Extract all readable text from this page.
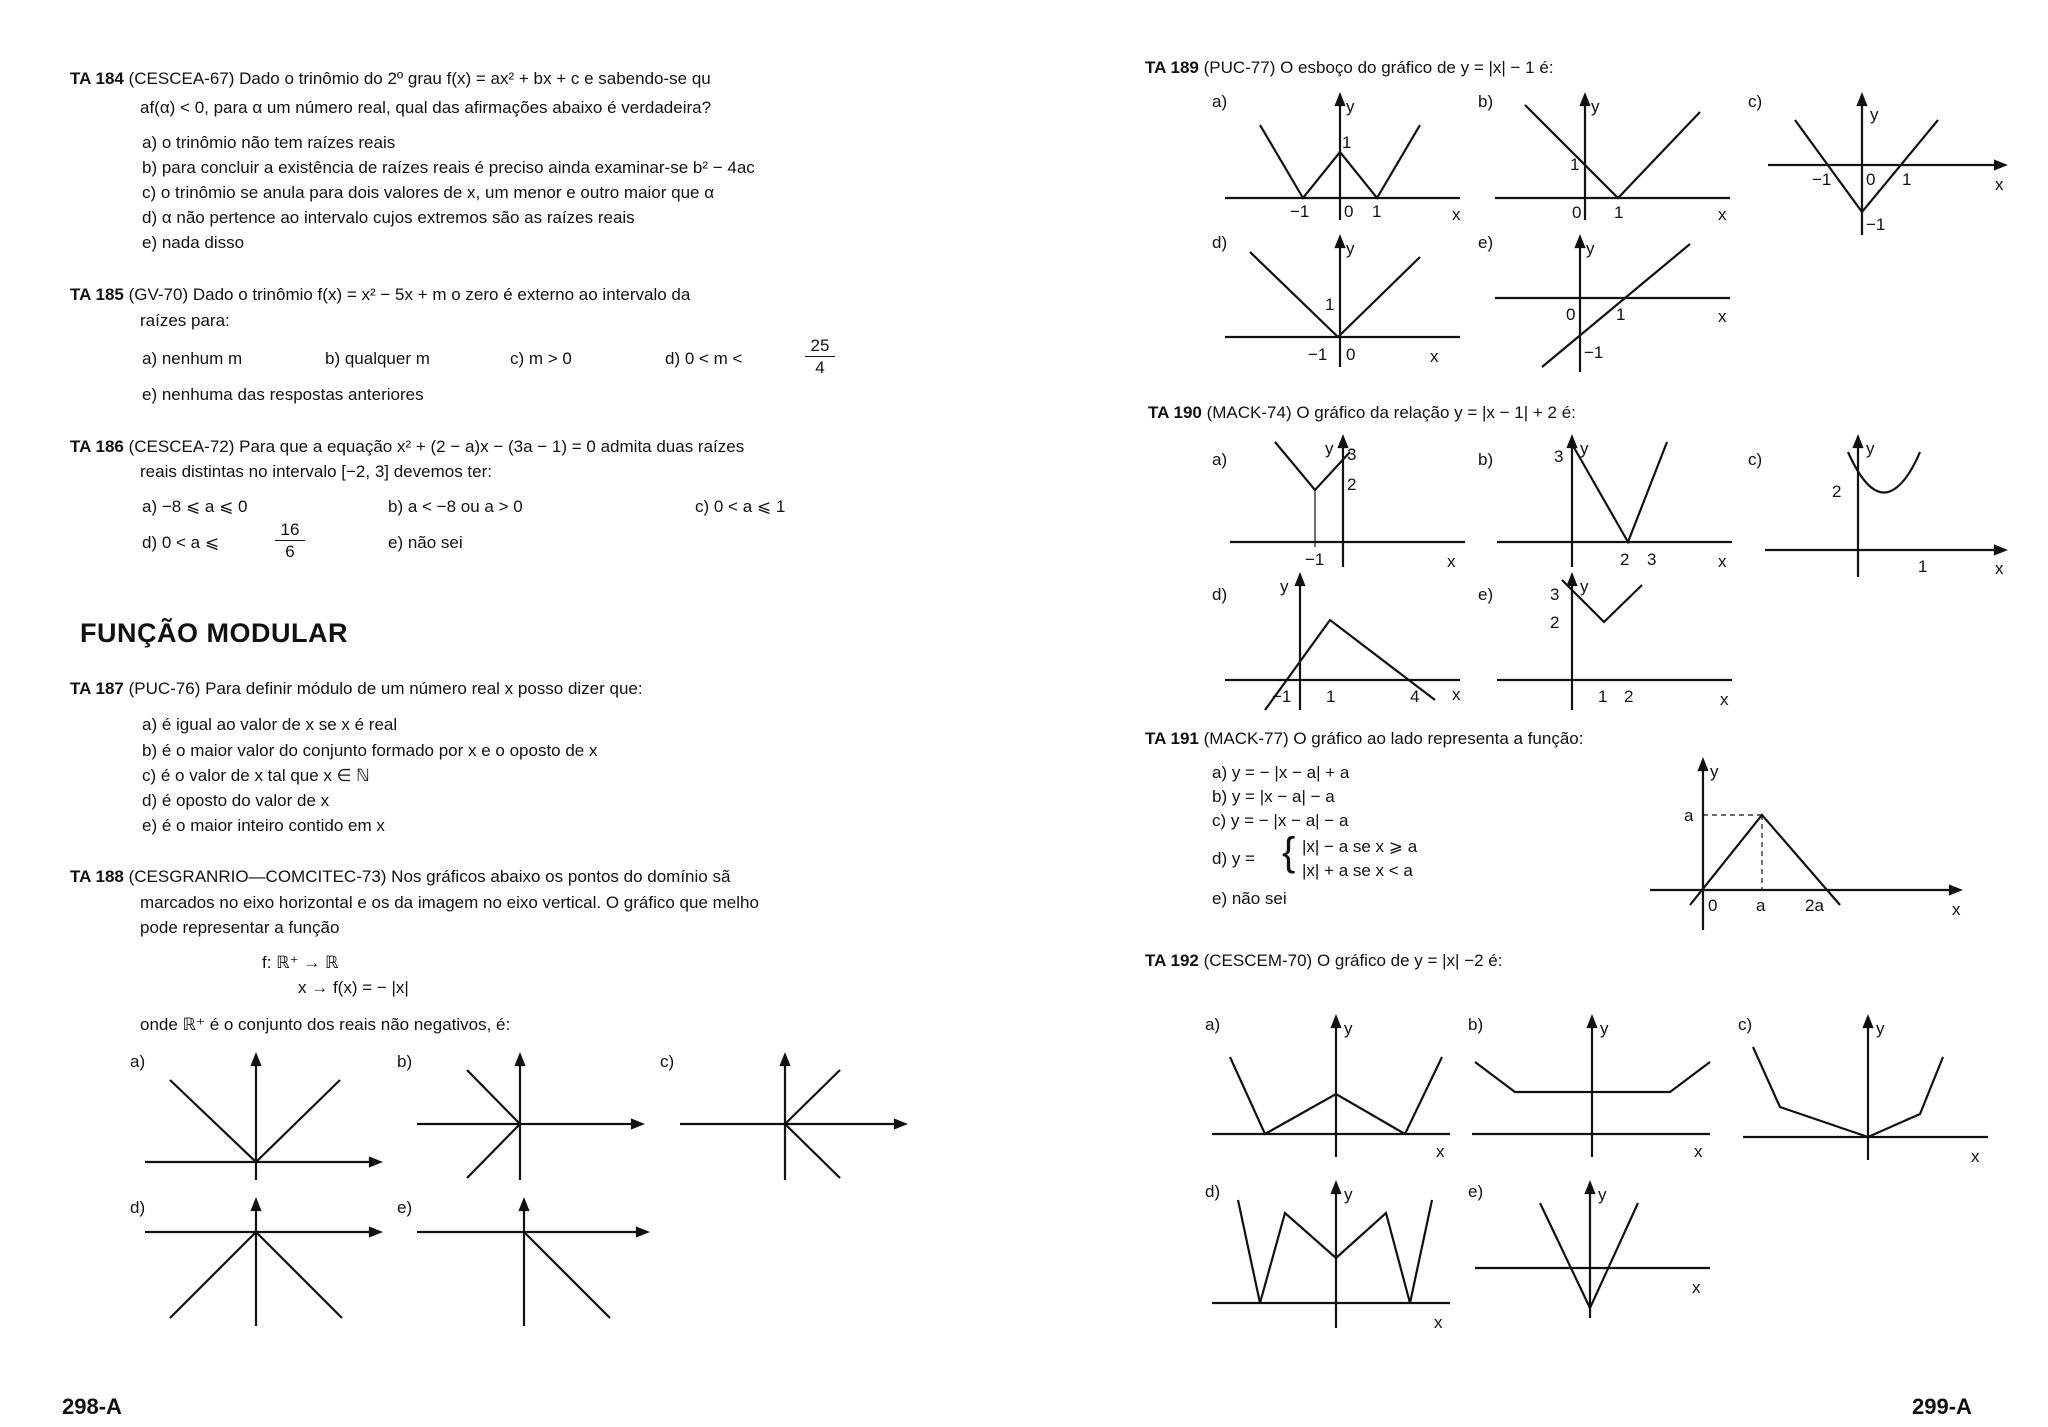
TA 184 (CESCEA-67) Dado o trinômio do 2º grau f(x) = ax² + bx + c e sabendo-se qu
af(α) < 0, para α um número real, qual das afirmações abaixo é verdadeira?
a) o trinômio não tem raízes reais
b) para concluir a existência de raízes reais é preciso ainda examinar-se b² − 4ac
c) o trinômio se anula para dois valores de x, um menor e outro maior que α
d) α não pertence ao intervalo cujos extremos são as raízes reais
e) nada disso
TA 185 (GV-70) Dado o trinômio f(x) = x² − 5x + m o zero é externo ao intervalo da
raízes para:
a) nenhum m	b) qualquer m	c) m > 0	d) 0 < m <
25
4
e) nenhuma das respostas anteriores
TA 186 (CESCEA-72) Para que a equação x² + (2 − a)x − (3a − 1) = 0 admita duas raízes
reais distintas no intervalo [−2, 3] devemos ter:
a) −8 ⩽ a ⩽ 0	b) a < −8 ou a > 0	c) 0 < a ⩽ 1
d) 0 < a ⩽
16
6	e) não sei
FUNÇÃO MODULAR
TA 187 (PUC-76) Para definir módulo de um número real x posso dizer que:
a) é igual ao valor de x se x é real
b) é o maior valor do conjunto formado por x e o oposto de x
c) é o valor de x tal que x ∈ ℕ
d) é oposto do valor de x
e) é o maior inteiro contido em x
TA 188 (CESGRANRIO—COMCITEC-73) Nos gráficos abaixo os pontos do domínio sã
marcados no eixo horizontal e os da imagem no eixo vertical. O gráfico que melho
pode representar a função
f: ℝ⁺ → ℝ
x → f(x) = − |x|
onde ℝ⁺ é o conjunto dos reais não negativos, é:
a)	b)	c)
d)	e)
298-A
TA 189 (PUC-77) O esboço do gráfico de y = |x| − 1 é:
a)
1
−1 0 1	x
y	b)
1
0 1	x
y	c)
−1 0 1
−1
x
y
d)
1
−1 0	x
y	e)
0 1
−1
x
y
TA 190 (MACK-74) O gráfico da relação y = |x − 1| + 2 é:
a)	3
2
−1	x
y
b)	3
2 3	x
y
c)
2
1	x
y
d)
−1 1	4 x
y	e)	3
2
1 2	x
y
TA 191 (MACK-77) O gráfico ao lado representa a função:
a) y = − |x − a| + a
b) y = |x − a| − a
c) y = − |x − a| − a
d) y = { |x| − a se x ⩾ a
|x| + a se x < a
e) não sei
a
0 a 2a	x
y
TA 192 (CESCEM-70) O gráfico de y = |x| −2 é:
a)
x
y	b)
x
y	c)
x
y
d)
x
y	e)
x
y
299-A
